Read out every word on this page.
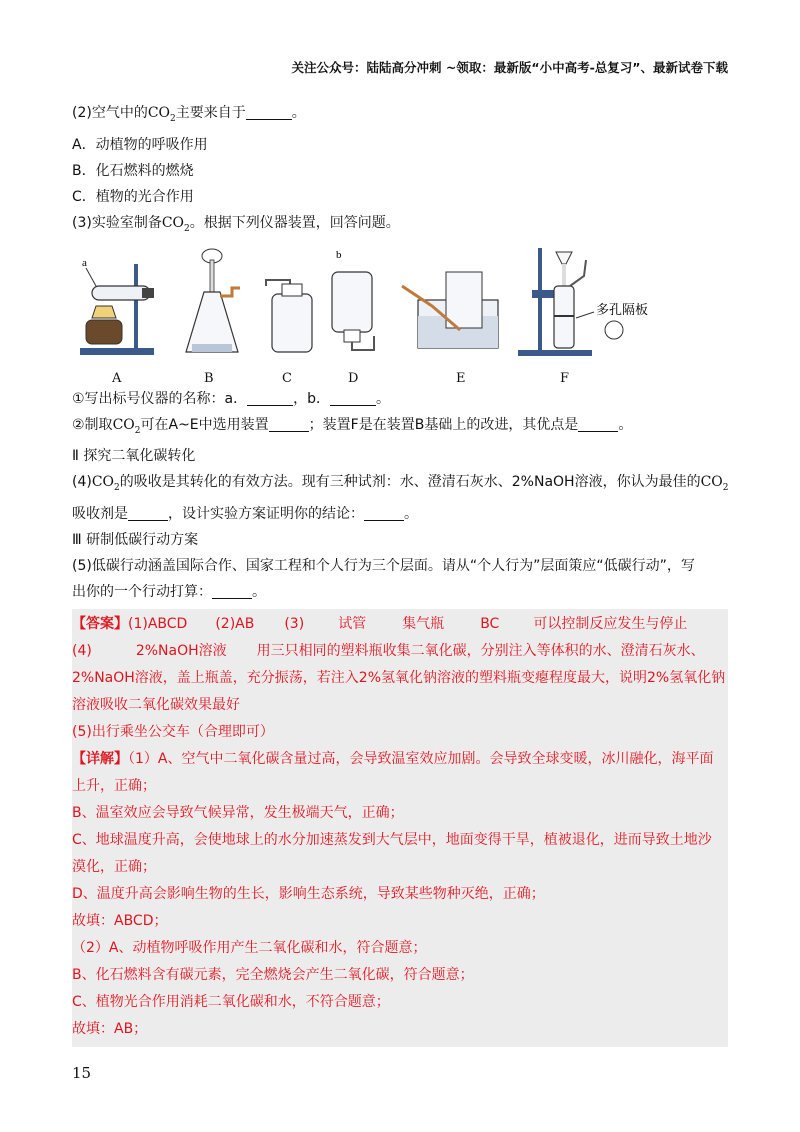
关注公众号：陆陆高分冲刺 ~领取：最新版“小中高考-总复习”、最新试卷下载
(2)空气中的$CO_2$主要来自于	。
A．动植物的呼吸作用
B．化石燃料的燃烧
C．植物的光合作用
(3)实验室制备$CO_2$。根据下列仪器装置，回答问题。
a
b
多孔隔板
A	B	C	D	E	F
①写出标号仪器的名称：a．	，b．	。
②制取$CO_2$可在A~E中选用装置	；装置F是在装置B基础上的改进，其优点是	。
Ⅱ 探究二氧化碳转化
$(4)CO_2$的吸收是其转化的有效方法。现有三种试剂：水、澄清石灰水、2%NaOH溶液，你认为最佳的$CO_2$
吸收剂是	，设计实验方案证明你的结论：	。
Ⅲ 研制低碳行动方案
(5)低碳行动涵盖国际合作、国家工程和个人行为三个层面。请从“个人行为”层面策应“低碳行动”，写
出你的一个行动打算：	。
【答案】(1)ABCD (2)AB (3) 试管	集气瓶	BC 可以控制反应发生与停止
(4)	2%NaOH溶液 用三只相同的塑料瓶收集二氧化碳，分别注入等体积的水、澄清石灰水、
2%NaOH溶液，盖上瓶盖，充分振荡，若注入2%氢氧化钠溶液的塑料瓶变瘪程度最大，说明2%氢氧化钠
溶液吸收二氧化碳效果最好
(5)出行乘坐公交车（合理即可）
【详解】（1）A、空气中二氧化碳含量过高，会导致温室效应加剧。会导致全球变暖，冰川融化，海平面
上升，正确；
B、温室效应会导致气候异常，发生极端天气，正确；
C、地球温度升高，会使地球上的水分加速蒸发到大气层中，地面变得干旱，植被退化，进而导致土地沙
漠化，正确；
D、温度升高会影响生物的生长，影响生态系统，导致某些物种灭绝，正确；
故填：ABCD；
（2）A、动植物呼吸作用产生二氧化碳和水，符合题意；
B、化石燃料含有碳元素，完全燃烧会产生二氧化碳，符合题意；
C、植物光合作用消耗二氧化碳和水，不符合题意；
故填：AB；
15
